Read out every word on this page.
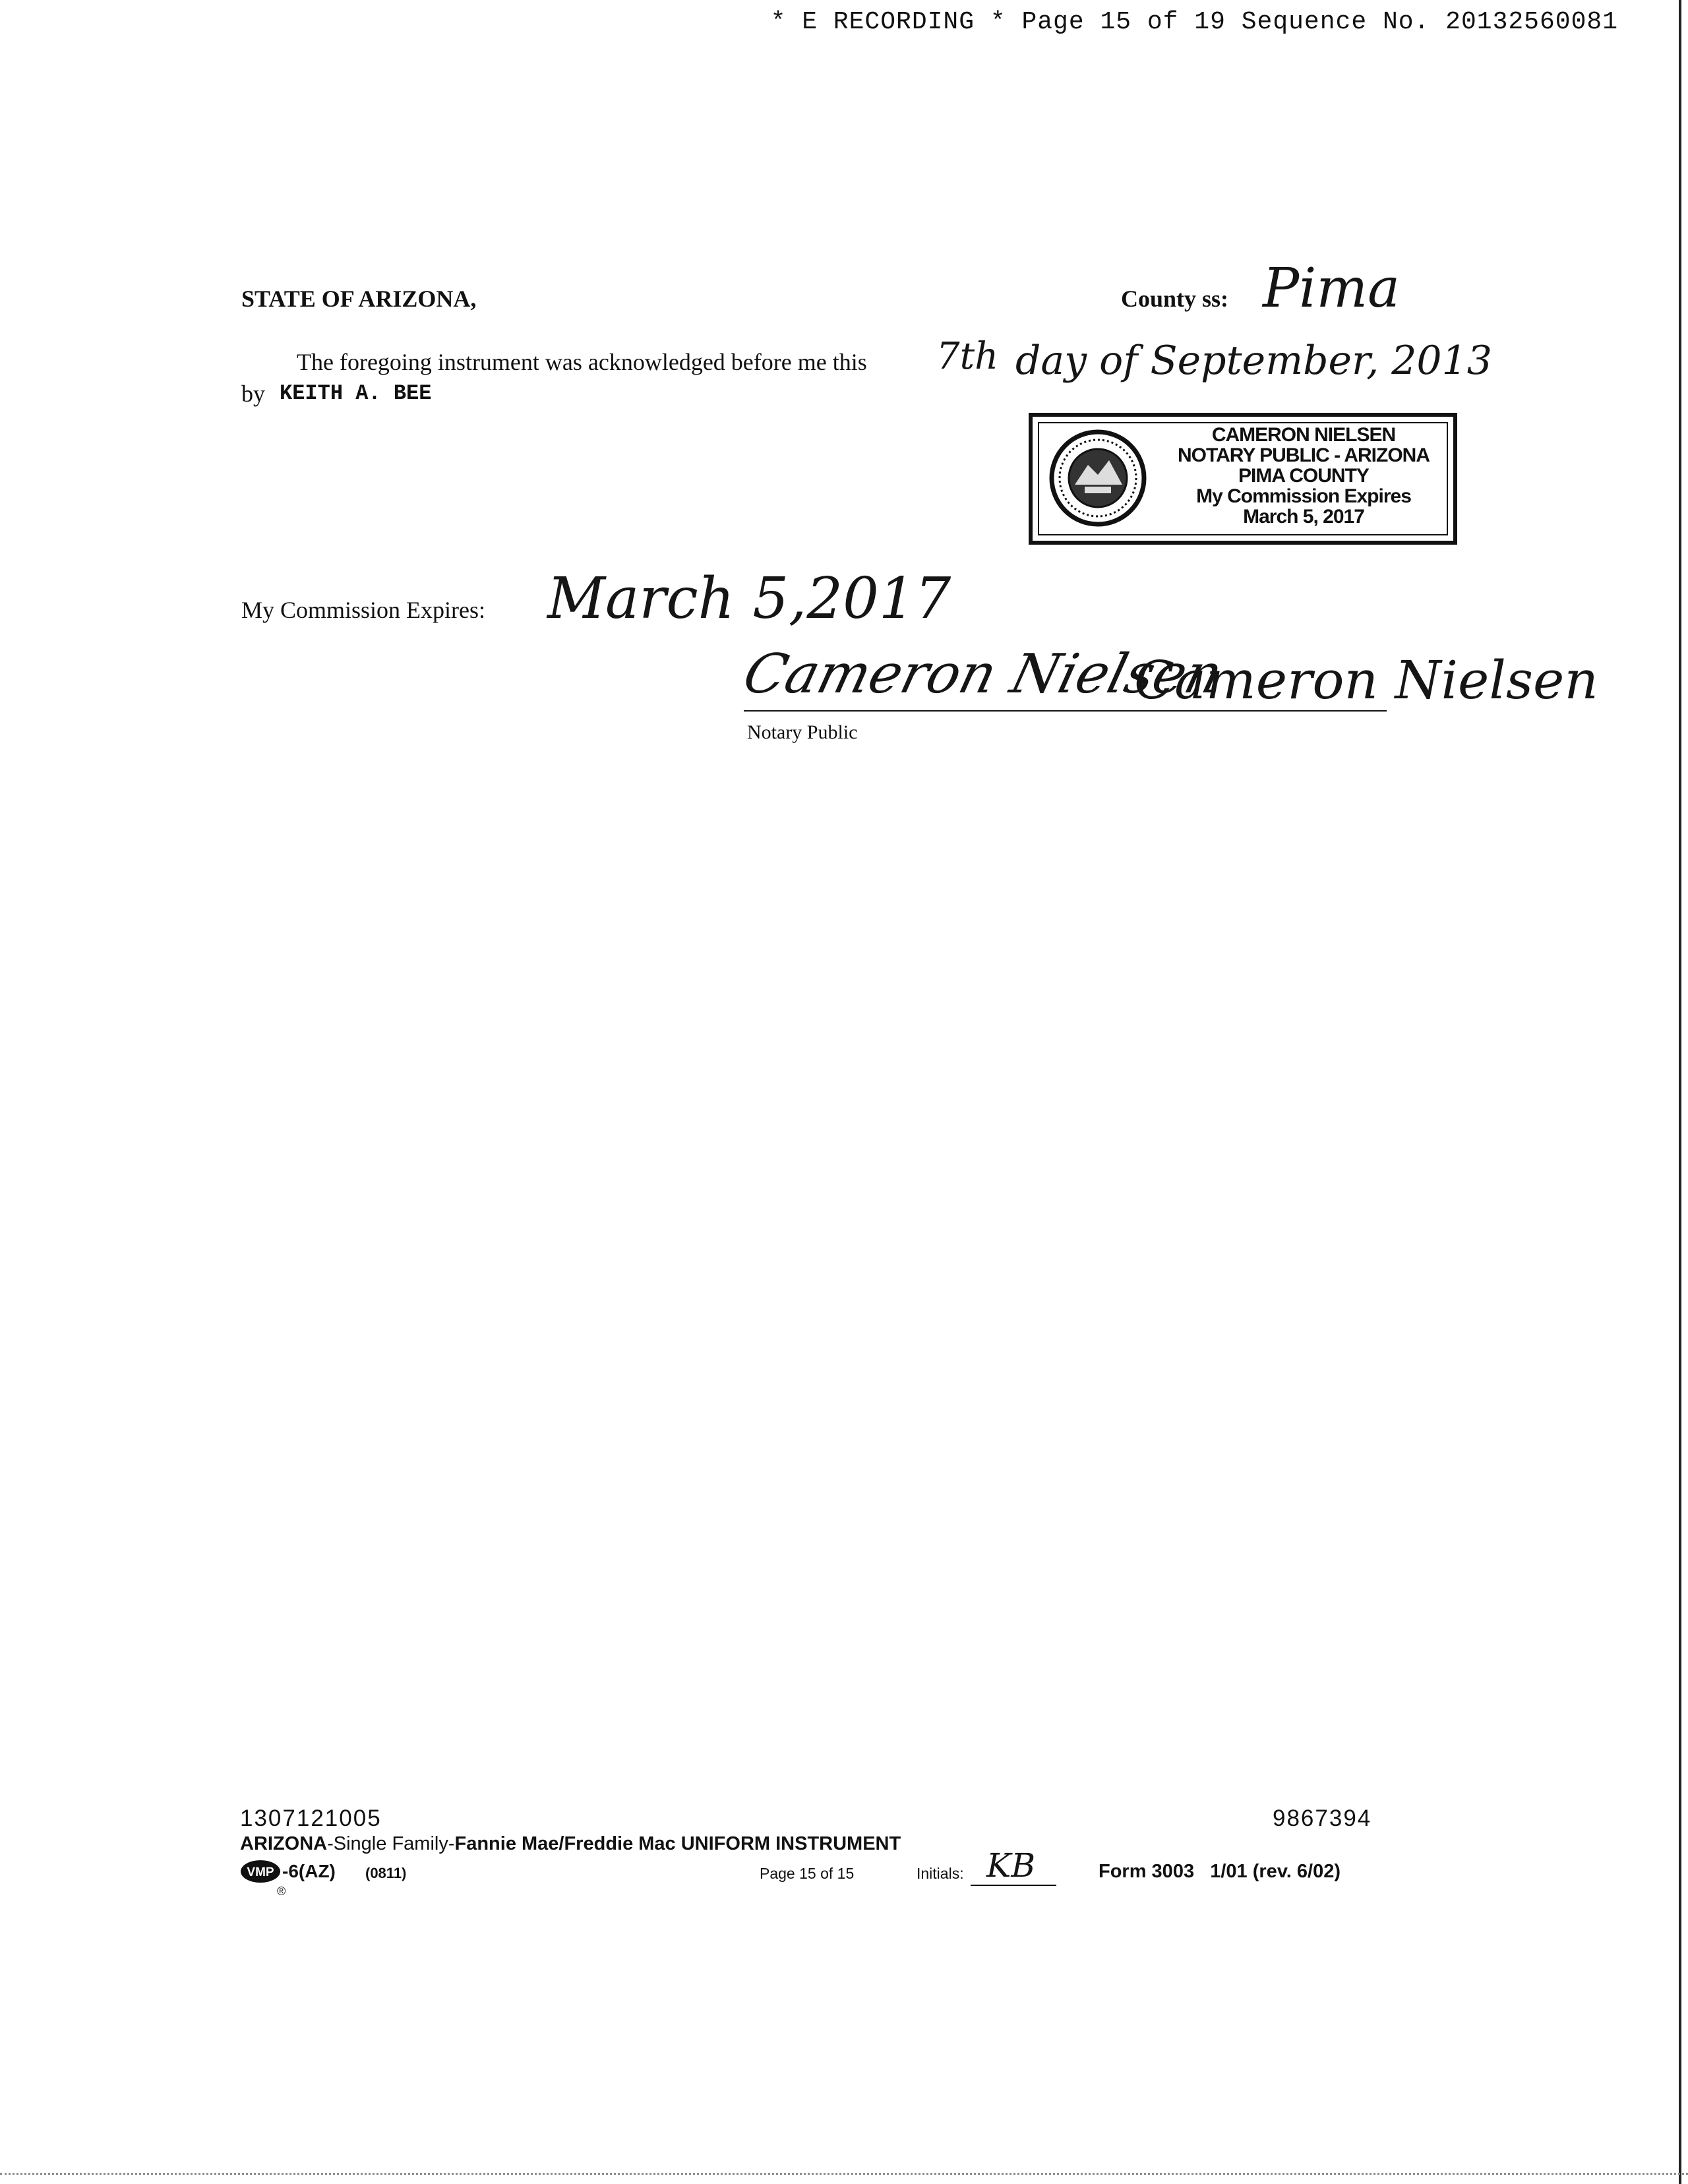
* E RECORDING * Page 15 of 19 Sequence No. 20132560081
STATE OF ARIZONA,	County ss: Pima
The foregoing instrument was acknowledged before me this 7th day of September, 2013
by KEITH A. BEE
CAMERON NIELSEN
NOTARY PUBLIC - ARIZONA
PIMA COUNTY
My Commission Expires
March 5, 2017
My Commission Expires: March 5,2017
Cameron Nielsen
Cameron Nielsen
Notary Public
1307121005	9867394
ARIZONA-Single Family-Fannie Mae/Freddie Mac UNIFORM INSTRUMENT
VMP
®
-6(AZ) (0811)	Page 15 of 15	Initials: KB	Form 3003   1/01 (rev. 6/02)
